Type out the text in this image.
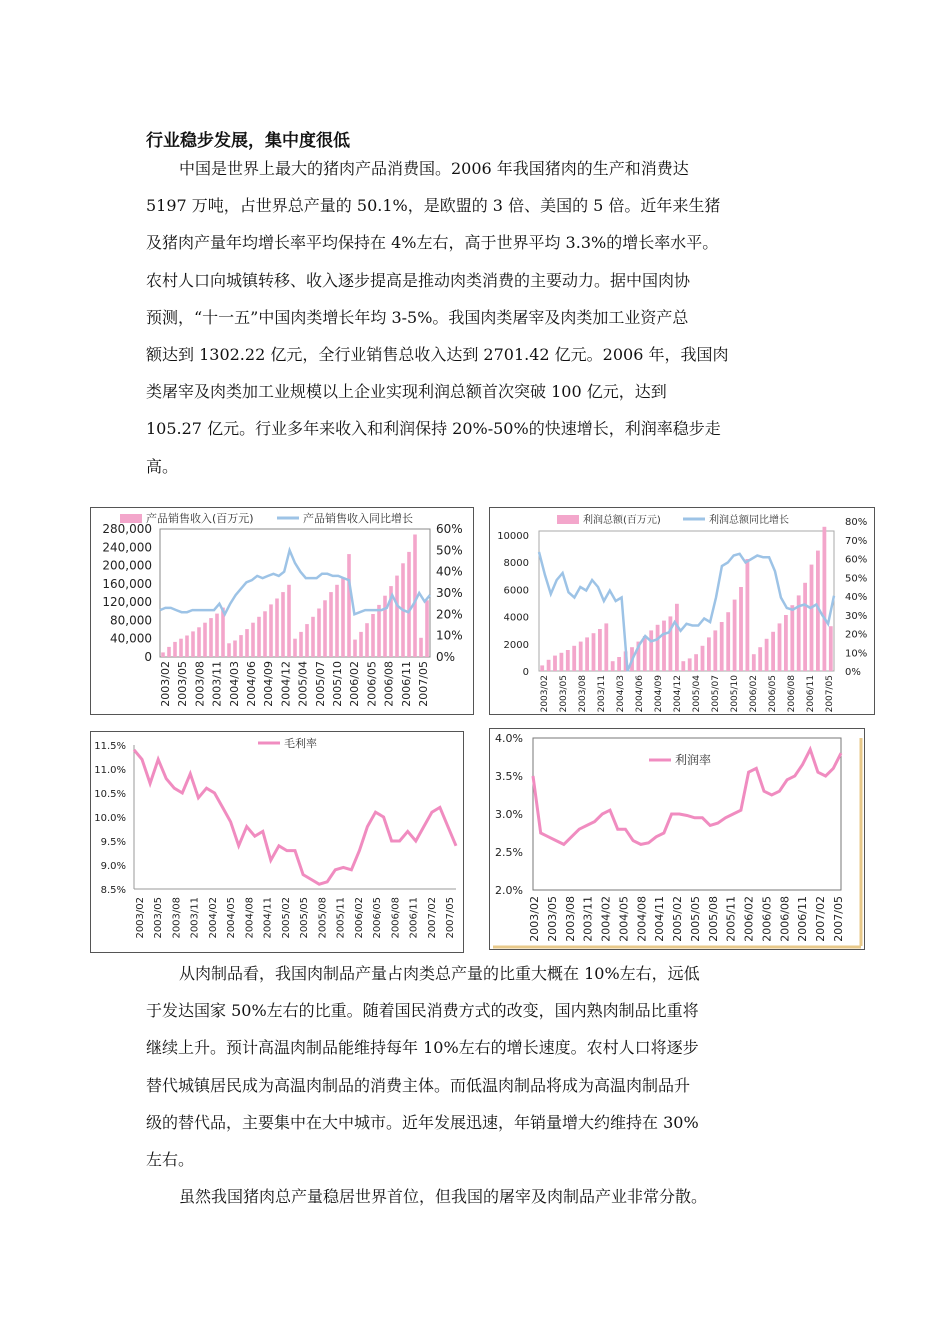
行业稳步发展，集中度很低
中国是世界上最大的猪肉产品消费国。2006 年我国猪肉的生产和消费达
5197 万吨，占世界总产量的 50.1%，是欧盟的 3 倍、美国的 5 倍。近年来生猪
及猪肉产量年均增长率平均保持在 4%左右，高于世界平均 3.3%的增长率水平。
农村人口向城镇转移、收入逐步提高是推动肉类消费的主要动力。据中国肉协
预测，“十一五”中国肉类增长年均 3-5%。我国肉类屠宰及肉类加工业资产总
额达到 1302.22 亿元，全行业销售总收入达到 2701.42 亿元。2006 年，我国肉
类屠宰及肉类加工业规模以上企业实现利润总额首次突破 100 亿元，达到
105.27 亿元。行业多年来收入和利润保持 20%-50%的快速增长，利润率稳步走
高。
产品销售收入(百万元)	产品销售收入同比增长
280,000
240,000
200,000
160,000
120,000
80,000
40,000
0
60%
50%
40%
30%
20%
10%
0%
2003/02 2003/05 2003/08 2003/11 2004/03 2004/06 2004/09 2004/12 2005/04 2005/07 2005/10 2006/02 2006/05 2006/08 2006/11 2007/05
利润总额(百万元)	利润总额同比增长
10000
8000
6000
4000
2000
0
80%
70%
60%
50%
40%
30%
20%
10%
0%
2003/02 2003/05 2003/08 2003/11 2004/03 2004/06 2004/09 2004/12 2005/04 2005/07 2005/10 2006/02 2006/05 2006/08 2006/11 2007/05
11.5%
11.0%
10.5%
10.0%
9.5%
9.0%
8.5%
毛利率
2003/02 2003/05 2003/08 2003/11 2004/02 2004/05 2004/08 2004/11 2005/02 2005/05 2005/08 2005/11 2006/02 2006/05 2006/08 2006/11 2007/02 2007/05
4.0%
3.5%
3.0%
2.5%
2.0%
利润率
2003/02 2003/05 2003/08 2003/11 2004/02 2004/05 2004/08 2004/11 2005/02 2005/05 2005/08 2005/11 2006/02 2006/05 2006/08 2006/11 2007/02 2007/05
从肉制品看，我国肉制品产量占肉类总产量的比重大概在 10%左右，远低
于发达国家 50%左右的比重。随着国民消费方式的改变，国内熟肉制品比重将
继续上升。预计高温肉制品能维持每年 10%左右的增长速度。农村人口将逐步
替代城镇居民成为高温肉制品的消费主体。而低温肉制品将成为高温肉制品升
级的替代品，主要集中在大中城市。近年发展迅速，年销量增大约维持在 30%
左右。
虽然我国猪肉总产量稳居世界首位，但我国的屠宰及肉制品产业非常分散。
